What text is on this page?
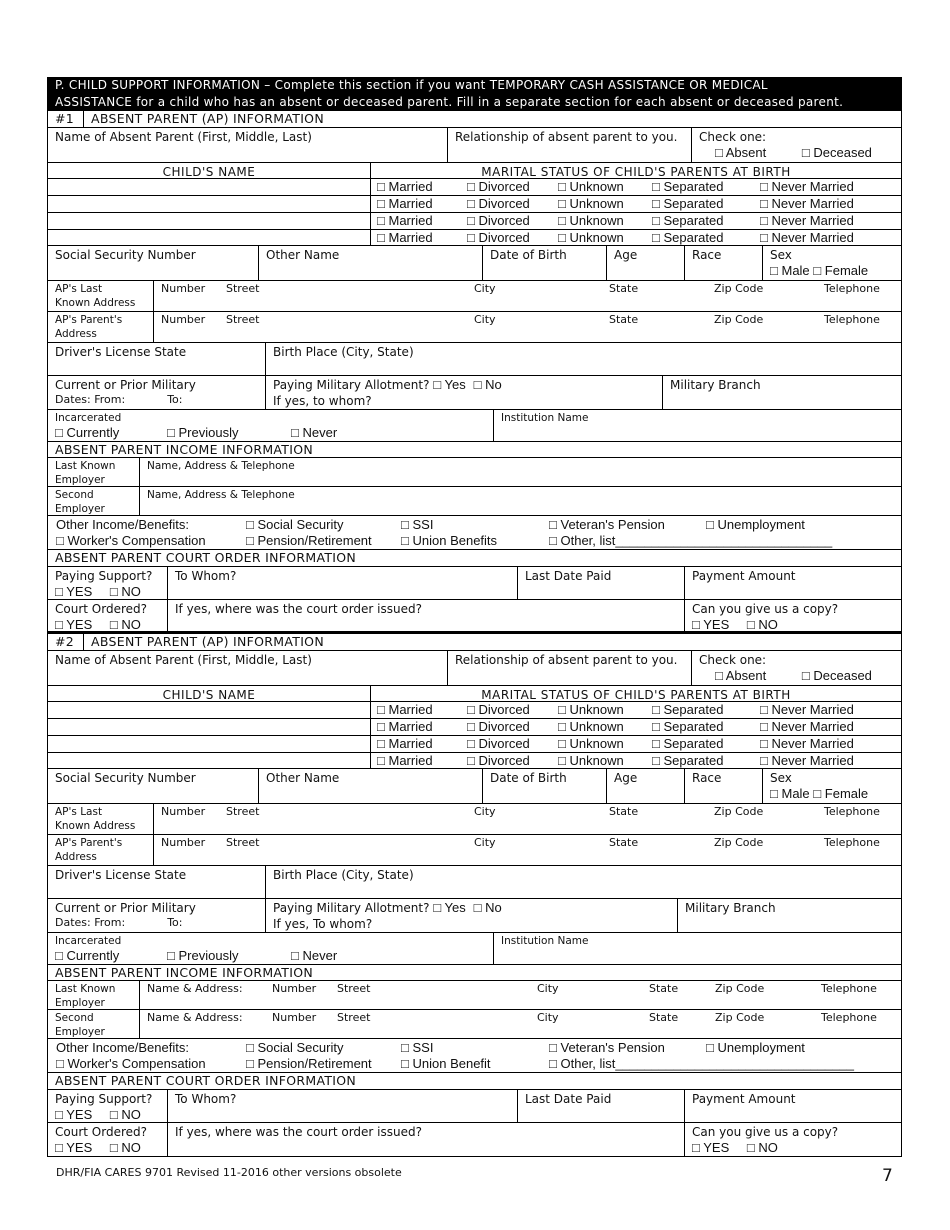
P. CHILD SUPPORT INFORMATION – Complete this section if you want TEMPORARY CASH ASSISTANCE OR MEDICAL
ASSISTANCE for a child who has an absent or deceased parent. Fill in a separate section for each absent or deceased parent.
#1	ABSENT PARENT (AP) INFORMATION
Name of Absent Parent (First, Middle, Last)	Relationship of absent parent to you.	Check one:
□ Absent	□ Deceased
CHILD'S NAME	MARITAL STATUS OF CHILD'S PARENTS AT BIRTH
□ Married	□ Divorced	□ Unknown	□ Separated	□ Never Married
□ Married	□ Divorced	□ Unknown	□ Separated	□ Never Married
□ Married	□ Divorced	□ Unknown	□ Separated	□ Never Married
□ Married	□ Divorced	□ Unknown	□ Separated	□ Never Married
Social Security Number	Other Name	Date of Birth	Age	Race	Sex
□ Male □ Female
AP's Last
Known Address
Number	Street	City	State	Zip Code	Telephone
AP's Parent's
Address
Number	Street	City	State	Zip Code	Telephone
Driver's License State	Birth Place (City, State)
Current or Prior Military
Dates: From:	To:
Paying Military Allotment? □ Yes □ No
If yes, to whom?
Military Branch
Incarcerated
□ Currently	□ Previously	□ Never
Institution Name
ABSENT PARENT INCOME INFORMATION
Last Known
Employer
Name, Address & Telephone
Second
Employer
Name, Address & Telephone
Other Income/Benefits:	□ Social Security	□ SSI	□ Veteran's Pension	□ Unemployment
□ Worker's Compensation	□ Pension/Retirement	□ Union Benefits	□ Other, list______________________________
ABSENT PARENT COURT ORDER INFORMATION
Paying Support?
□ YES □ NO
To Whom?	Last Date Paid	Payment Amount
Court Ordered?
□ YES □ NO
If yes, where was the court order issued?	Can you give us a copy?
□ YES □ NO
#2	ABSENT PARENT (AP) INFORMATION
Name of Absent Parent (First, Middle, Last)	Relationship of absent parent to you.	Check one:
□ Absent	□ Deceased
CHILD'S NAME	MARITAL STATUS OF CHILD'S PARENTS AT BIRTH
□ Married	□ Divorced	□ Unknown	□ Separated	□ Never Married
□ Married	□ Divorced	□ Unknown	□ Separated	□ Never Married
□ Married	□ Divorced	□ Unknown	□ Separated	□ Never Married
□ Married	□ Divorced	□ Unknown	□ Separated	□ Never Married
Social Security Number	Other Name	Date of Birth	Age	Race	Sex
□ Male □ Female
AP's Last
Known Address
Number	Street	City	State	Zip Code	Telephone
AP's Parent's
Address
Number	Street	City	State	Zip Code	Telephone
Driver's License State	Birth Place (City, State)
Current or Prior Military
Dates: From:	To:
Paying Military Allotment? □ Yes □ No
If yes, To whom?
Military Branch
Incarcerated
□ Currently	□ Previously	□ Never
Institution Name
ABSENT PARENT INCOME INFORMATION
Last Known
Employer
Name & Address:	Number	Street	City	State	Zip Code	Telephone
Second
Employer
Name & Address:	Number	Street	City	State	Zip Code	Telephone
Other Income/Benefits:	□ Social Security	□ SSI	□ Veteran's Pension	□ Unemployment
□ Worker's Compensation	□ Pension/Retirement	□ Union Benefit	□ Other, list_________________________________
ABSENT PARENT COURT ORDER INFORMATION
Paying Support?
□ YES □ NO
To Whom?	Last Date Paid	Payment Amount
Court Ordered?
□ YES □ NO
If yes, where was the court order issued?	Can you give us a copy?
□ YES □ NO
DHR/FIA CARES 9701 Revised 11-2016 other versions obsolete	7
